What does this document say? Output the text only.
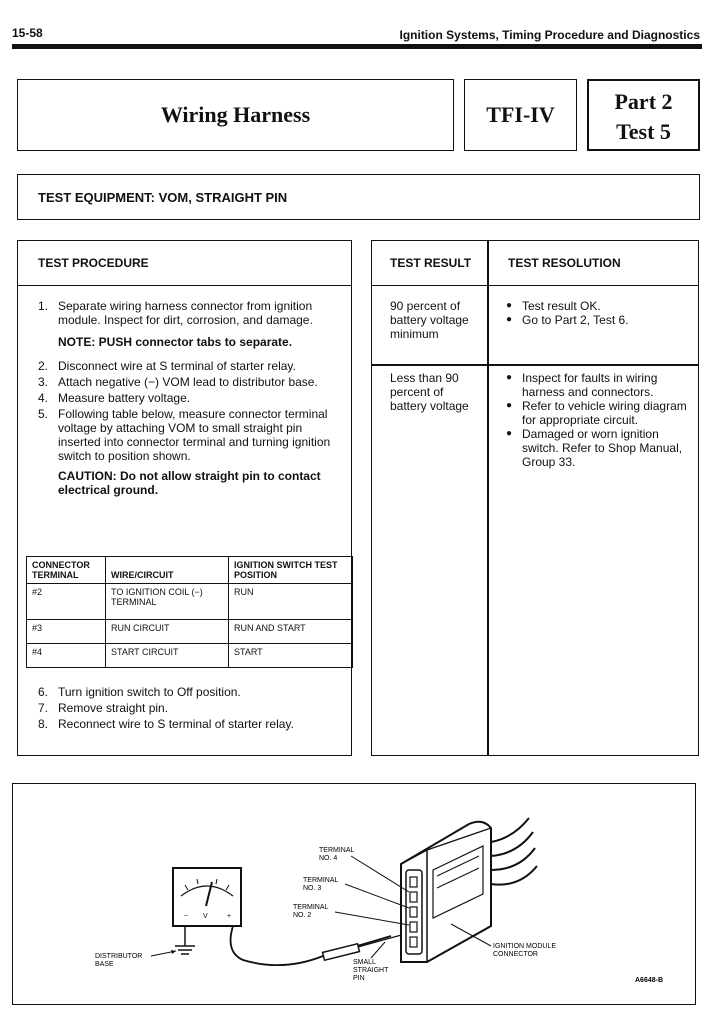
15-58	Ignition Systems, Timing Procedure and Diagnostics
Wiring Harness	TFI-IV
Part 2
Test 5
TEST EQUIPMENT: VOM, STRAIGHT PIN
TEST PROCEDURE
1. Separate wiring harness connector from ignition module. Inspect for dirt, corrosion, and damage.
NOTE: PUSH connector tabs to separate.
2. Disconnect wire at S terminal of starter relay.
3. Attach negative (−) VOM lead to distributor base.
4. Measure battery voltage.
5. Following table below, measure connector terminal voltage by attaching VOM to small straight pin inserted into connector terminal and turning ignition switch to position shown.
CAUTION: Do not allow straight pin to contact electrical ground.
CONNECTOR TERMINAL	WIRE/CIRCUIT	IGNITION SWITCH TEST POSITION
#2	TO IGNITION COIL (−) TERMINAL	RUN
#3	RUN CIRCUIT	RUN AND START
#4	START CIRCUIT	START
6. Turn ignition switch to Off position.
7. Remove straight pin.
8. Reconnect wire to S terminal of starter relay.
TEST RESULT	TEST RESOLUTION
90 percent of battery voltage minimum
● Test result OK.
● Go to Part 2, Test 6.
Less than 90 percent of battery voltage
● Inspect for faults in wiring harness and connectors.
● Refer to vehicle wiring diagram for appropriate circuit.
● Damaged or worn ignition switch. Refer to Shop Manual, Group 33.
− V	+
DISTRIBUTOR
BASE
TERMINAL
NO. 4
TERMINAL
NO. 3
TERMINAL
NO. 2
SMALL
STRAIGHT
PIN
IGNITION MODULE
CONNECTOR
A6648-B
